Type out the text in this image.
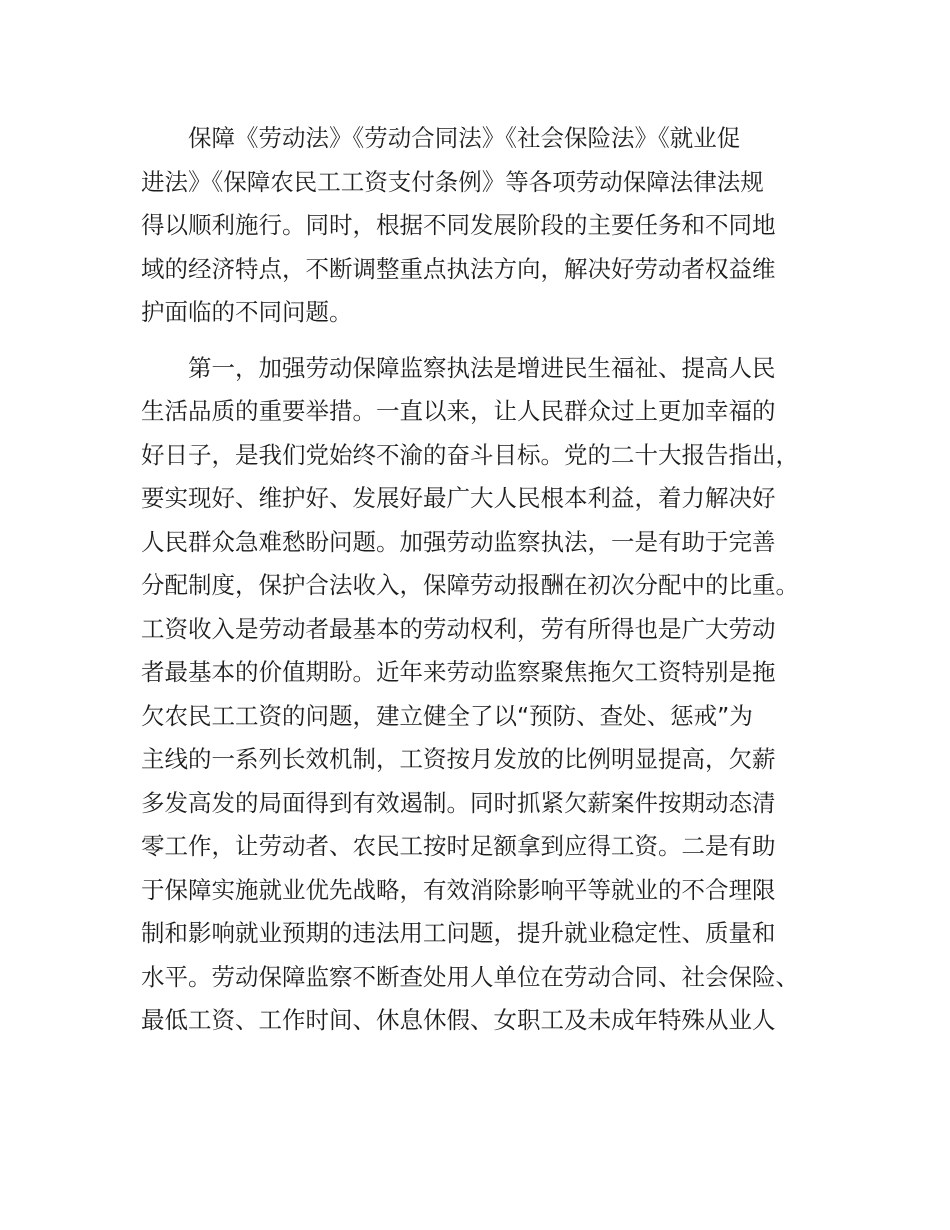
保障《劳动法》《劳动合同法》《社会保险法》《就业促
进法》《保障农民工工资支付条例》等各项劳动保障法律法规
得以顺利施行。同时，根据不同发展阶段的主要任务和不同地
域的经济特点，不断调整重点执法方向，解决好劳动者权益维
护面临的不同问题。
第一，加强劳动保障监察执法是增进民生福祉、提高人民
生活品质的重要举措。一直以来，让人民群众过上更加幸福的
好日子，是我们党始终不渝的奋斗目标。党的二十大报告指出，
要实现好、维护好、发展好最广大人民根本利益，着力解决好
人民群众急难愁盼问题。加强劳动监察执法，一是有助于完善
分配制度，保护合法收入，保障劳动报酬在初次分配中的比重。
工资收入是劳动者最基本的劳动权利，劳有所得也是广大劳动
者最基本的价值期盼。近年来劳动监察聚焦拖欠工资特别是拖
欠农民工工资的问题，建立健全了以“预防、查处、惩戒”为
主线的一系列长效机制，工资按月发放的比例明显提高，欠薪
多发高发的局面得到有效遏制。同时抓紧欠薪案件按期动态清
零工作，让劳动者、农民工按时足额拿到应得工资。二是有助
于保障实施就业优先战略，有效消除影响平等就业的不合理限
制和影响就业预期的违法用工问题，提升就业稳定性、质量和
水平。劳动保障监察不断查处用人单位在劳动合同、社会保险、
最低工资、工作时间、休息休假、女职工及未成年特殊从业人
